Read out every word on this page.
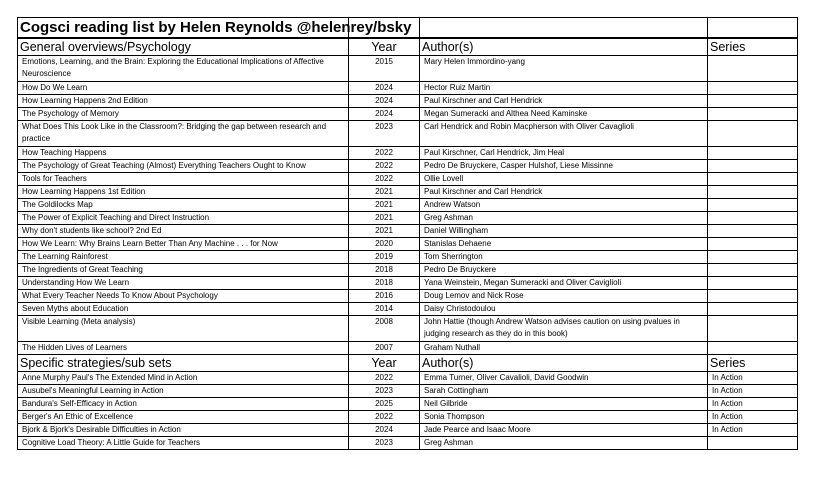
Cogsci reading list by Helen Reynolds @helenrey/bsky			
General overviews/Psychology	Year	Author(s)	Series
Emotions, Learning, and the Brain: Exploring the Educational Implications of Affective Neuroscience	2015	Mary Helen Immordino-yang	
How Do We Learn	2024	Hector Ruiz Martin	
How Learning Happens 2nd Edition	2024	Paul Kirschner and Carl Hendrick	
The Psychology of Memory	2024	Megan Sumeracki and Althea Need Kaminske	
What Does This Look Like in the Classroom?: Bridging the gap between research and practice	2023	Carl Hendrick and Robin Macpherson with Oliver Cavaglioli	
How Teaching Happens	2022	Paul Kirschner, Carl Hendrick, Jim Heal	
The Psychology of Great Teaching (Almost) Everything Teachers Ought to Know	2022	Pedro De Bruyckere, Casper Hulshof, Liese Missinne	
Tools for Teachers	2022	Ollie Lovell	
How Learning Happens 1st Edition	2021	Paul Kirschner and Carl Hendrick	
The Goldilocks Map	2021	Andrew Watson	
The Power of Explicit Teaching and Direct Instruction	2021	Greg Ashman	
Why don't students like school? 2nd Ed	2021	Daniel Willingham	
How We Learn: Why Brains Learn Better Than Any Machine . . . for Now	2020	Stanislas Dehaene	
The Learning Rainforest	2019	Tom Sherrington	
The Ingredients of Great Teaching	2018	Pedro De Bruyckere	
Understanding How We Learn	2018	Yana Weinstein, Megan Sumeracki and Oliver Caviglioli	
What Every Teacher Needs To Know About Psychology	2016	Doug Lemov and Nick Rose	
Seven Myths about Education	2014	Daisy Christodoulou	
Visible Learning (Meta analysis)	2008	John Hattie (though Andrew Watson advises caution on using pvalues in judging research as they do in this book)	
The Hidden Lives of Learners	2007	Graham Nuthall	
Specific strategies/sub sets	Year	Author(s)	Series
Anne Murphy Paul's The Extended Mind in Action	2022	Emma Turner, Oliver Cavalioli, David Goodwin	In Action
Ausubel's Meaningful Learning in Action	2023	Sarah Cottingham	In Action
Bandura's Self-Efficacy in Action	2025	Neil Gilbride	In Action
Berger's An Ethic of Excellence	2022	Sonia Thompson	In Action
Bjork & Bjork's Desirable Difficulties in Action	2024	Jade Pearce and Isaac Moore	In Action
Cognitive Load Theory: A Little Guide for Teachers	2023	Greg Ashman	
